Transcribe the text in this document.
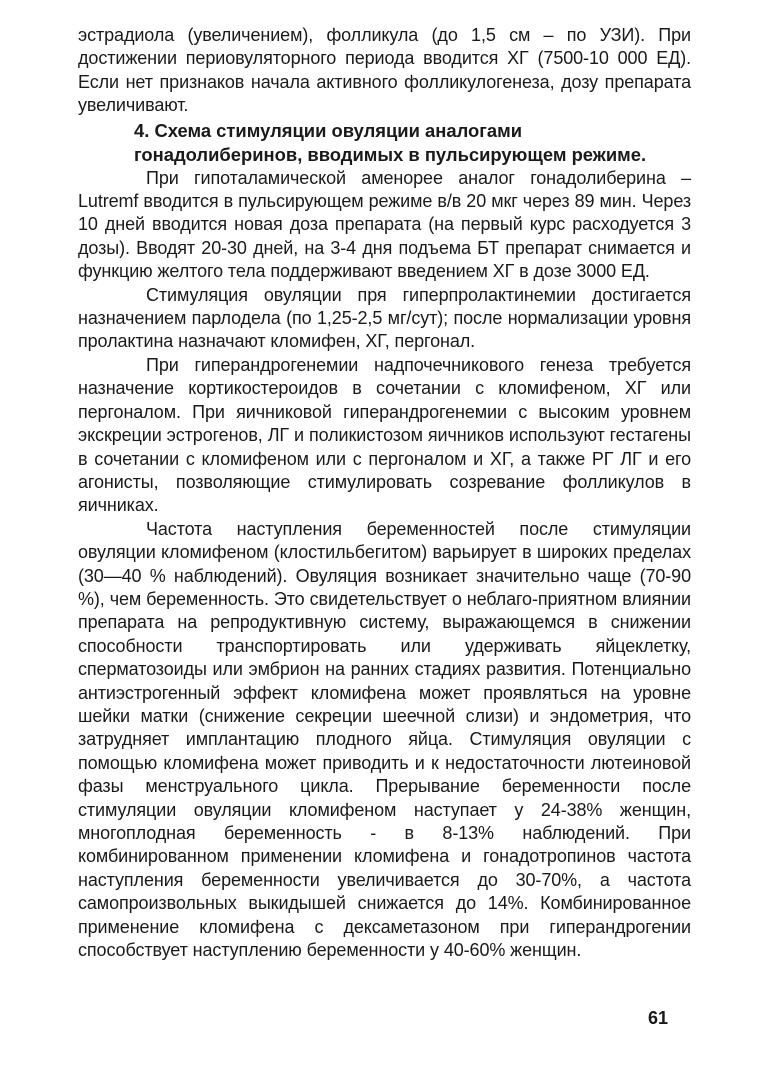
эстрадиола (увеличением), фолликула (до 1,5 см – по УЗИ). При достижении периовуляторного периода вводится ХГ (7500-10 000 ЕД). Если нет признаков начала активного фолликулогенеза, дозу препарата увеличивают.

4. Схема стимуляции овуляции аналогами гонадолиберинов, вводимых в пульсирующем режиме.

При гипоталамической аменорее аналог гонадолиберина – Lutremf вводится в пульсирующем режиме в/в 20 мкг через 89 мин. Через 10 дней вводится новая доза препарата (на первый курс расходуется 3 дозы). Вводят 20-30 дней, на 3-4 дня подъема БТ препарат снимается и функцию желтого тела поддерживают введением ХГ в дозе 3000 ЕД.

Стимуляция овуляции пря гиперпролактинемии достигается назначением парлодела (по 1,25-2,5 мг/сут); после нормализации уровня пролактина назначают кломифен, ХГ, пергонал.

При гиперандрогенемии надпочечникового генеза требуется назначение кортикостероидов в сочетании с кломифеном, ХГ или пергоналом. При яичниковой гиперандрогенемии с высоким уровнем экскреции эстрогенов, ЛГ и поликистозом яичников используют гестагены в сочетании с кломифеном или с пергоналом и ХГ, а также РГ ЛГ и его агонисты, позволяющие стимулировать созревание фолликулов в яичниках.

Частота наступления беременностей после стимуляции овуляции кломифеном (клостильбегитом) варьирует в широких пределах (30—40 % наблюдений). Овуляция возникает значительно чаще (70-90 %), чем беременность. Это свидетельствует о неблаго-приятном влиянии препарата на репродуктивную систему, выражающемся в снижении способности транспортировать или удерживать яйцеклетку, сперматозоиды или эмбрион на ранних стадиях развития. Потенциально антиэстрогенный эффект кломифена может проявляться на уровне шейки матки (снижение секреции шеечной слизи) и эндометрия, что затрудняет имплантацию плодного яйца. Стимуляция овуляции с помощью кломифена может приводить и к недостаточности лютеиновой фазы менструального цикла. Прерывание беременности после стимуляции овуляции кломифеном наступает у 24-38% женщин, многоплодная беременность - в 8-13% наблюдений. При комбинированном применении кломифена и гонадотропинов частота наступления беременности увеличивается до 30-70%, а частота самопроизвольных выкидышей снижается до 14%. Комбинированное применение кломифена с дексаметазоном при гиперандрогении способствует наступлению беременности у 40-60% женщин.

61
